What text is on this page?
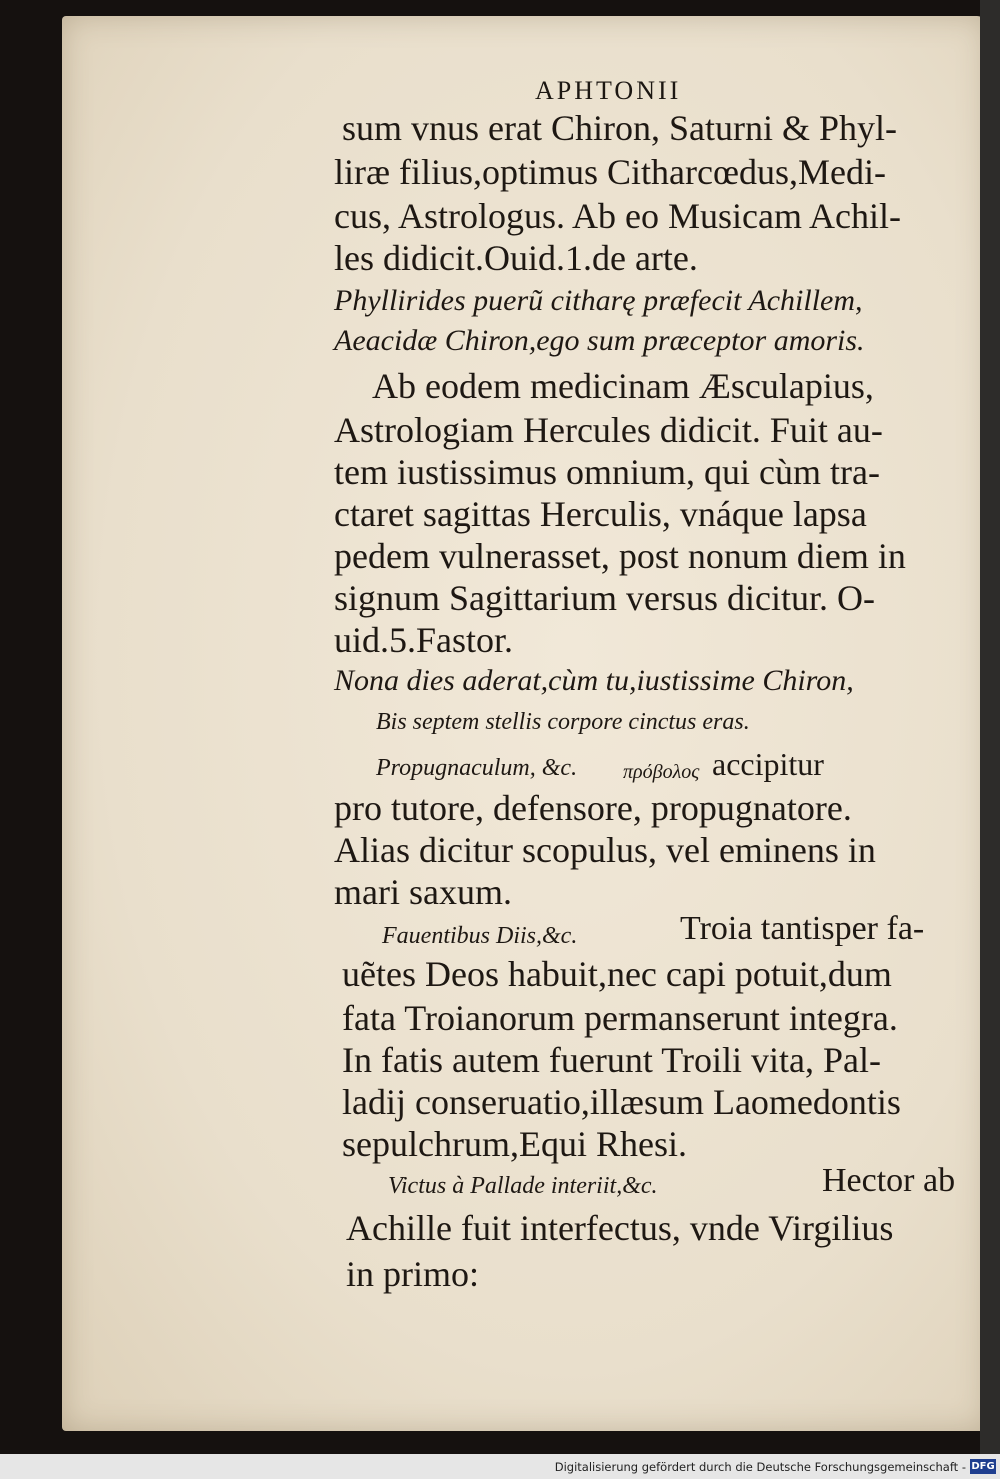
APHTONII
sum vnus erat Chiron, Saturni & Phyl-
liræ filius,optimus Citharcœdus,Medi-
cus, Astrologus. Ab eo Musicam Achil-
les didicit.Ouid.1.de arte.
Phyllirides puerũ citharę præfecit Achillem,
Aeacidæ Chiron,ego sum præceptor amoris.
Ab eodem medicinam Æsculapius,
Astrologiam Hercules didicit. Fuit au-
tem iustissimus omnium, qui cùm tra-
ctaret sagittas Herculis, vnáque lapsa
pedem vulnerasset, post nonum diem in
signum Sagittarium versus dicitur. O-
uid.5.Fastor.
Nona dies aderat,cùm tu,iustissime Chiron,
Bis septem stellis corpore cinctus eras.
Propugnaculum, &c. πρόβολος accipitur
pro tutore, defensore, propugnatore.
Alias dicitur scopulus, vel eminens in
mari saxum.
Fauentibus Diis,&c.	Troia tantisper fa-
uẽtes Deos habuit,nec capi potuit,dum
fata Troianorum permanserunt integra.
In fatis autem fuerunt Troili vita, Pal-
ladij conseruatio,illæsum Laomedontis
sepulchrum,Equi Rhesi.
Victus à Pallade interiit,&c.	Hector ab
Achille fuit interfectus, vnde Virgilius
in primo:
Digitalisierung gefördert durch die Deutsche Forschungsgemeinschaft - DFG
